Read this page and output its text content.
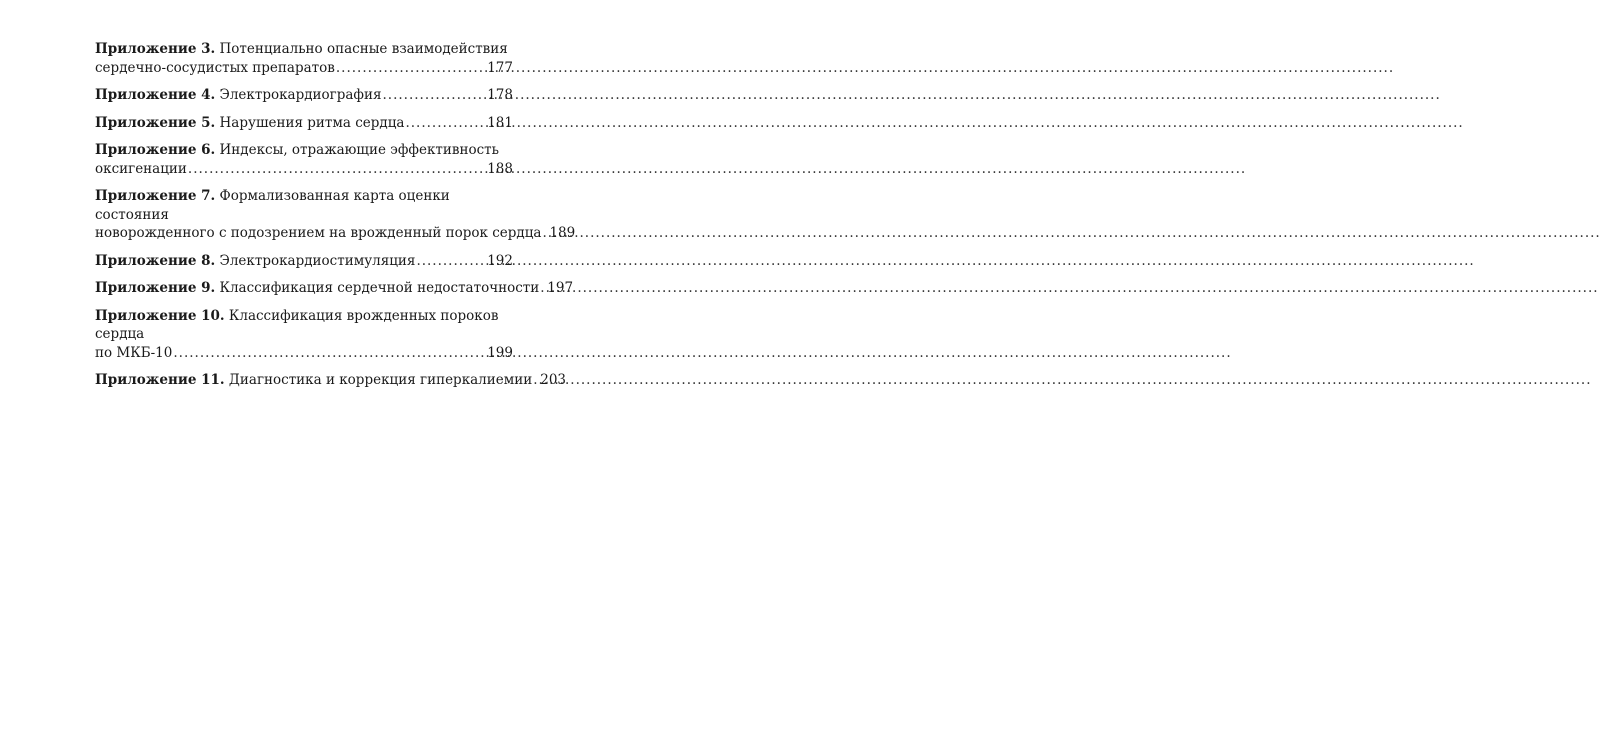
Приложение 3. Потенциально опасные взаимодействия
сердечно-сосудистых препаратов .....	177
Приложение 4. Электрокардиография .....	178
Приложение 5. Нарушения ритма сердца .....	181
Приложение 6. Индексы, отражающие эффективность
оксигенации .....	188
Приложение 7. Формализованная карта оценки состояния
новорожденного с подозрением на врожденный порок сердца ..... 189
Приложение 8. Электрокардиостимуляция .....	192
Приложение 9. Классификация сердечной недостаточности ..... 197
Приложение 10. Классификация врожденных пороков сердца
по МКБ-10 .....	199
Приложение 11. Диагностика и коррекция гиперкалиемии ..... 203
